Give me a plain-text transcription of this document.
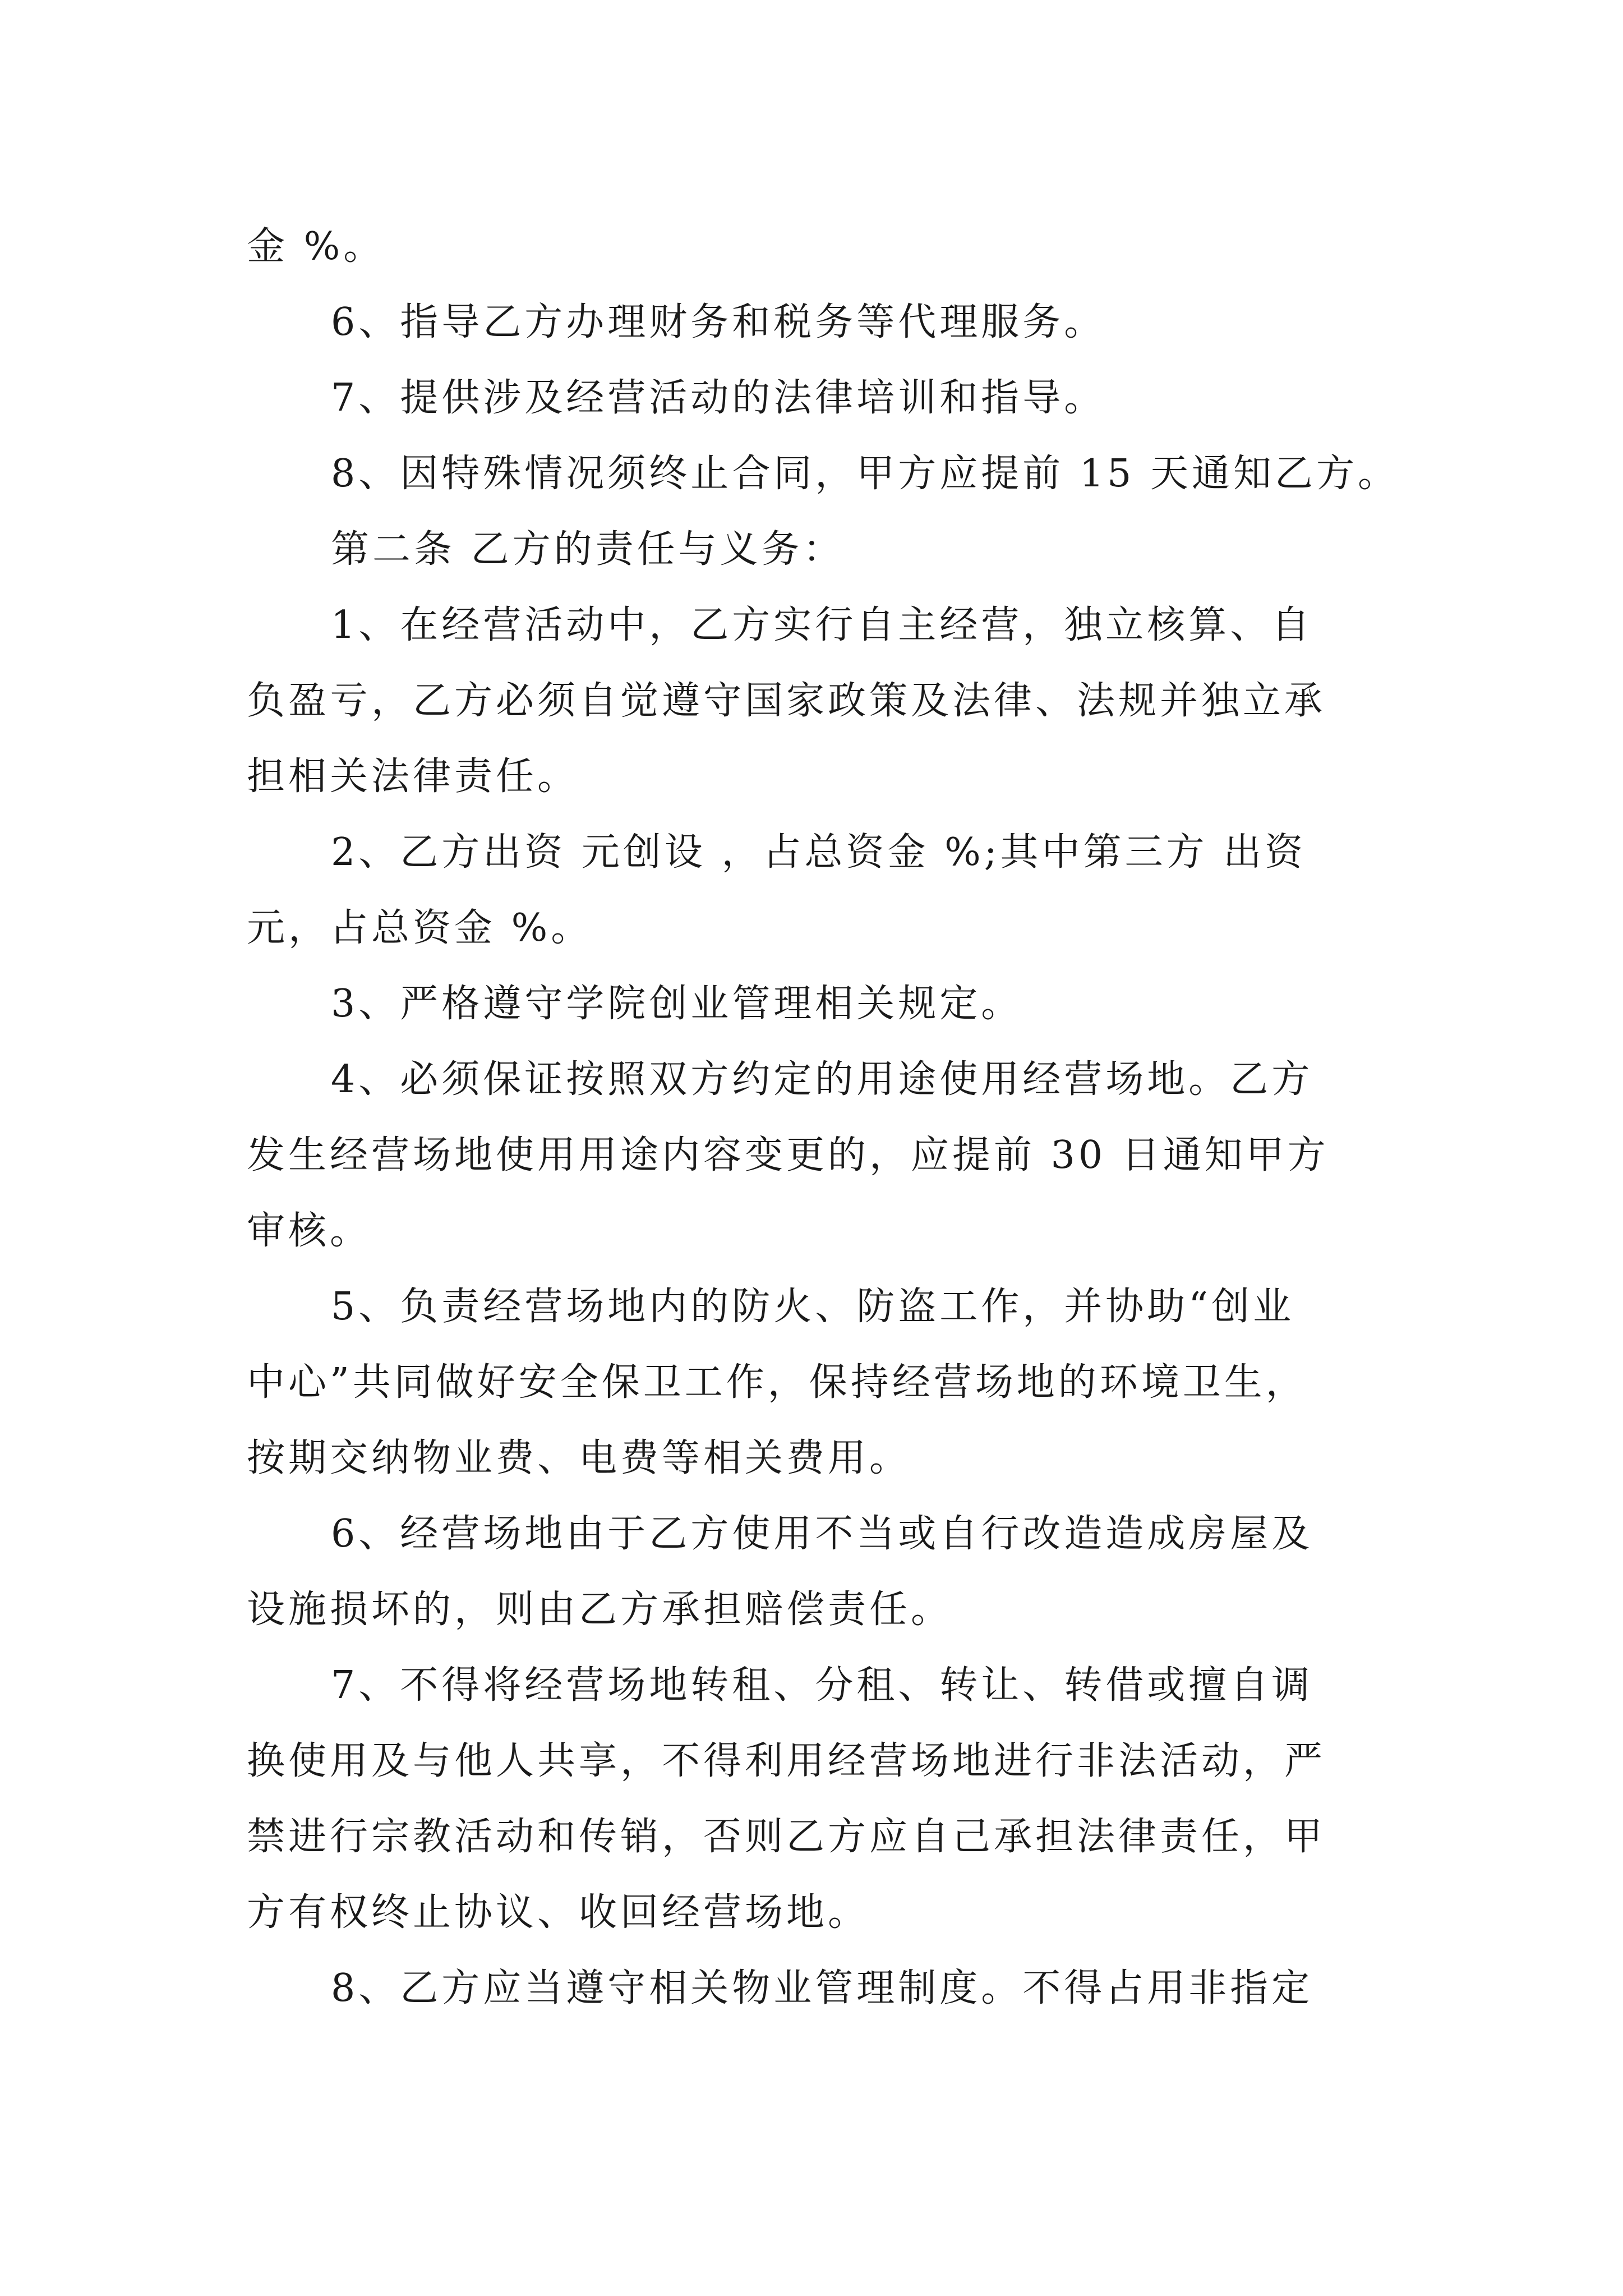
金 %。
6、指导乙方办理财务和税务等代理服务。
7、提供涉及经营活动的法律培训和指导。
8、因特殊情况须终止合同，甲方应提前 15 天通知乙方。
第二条 乙方的责任与义务：
1、在经营活动中，乙方实行自主经营，独立核算、自
负盈亏，乙方必须自觉遵守国家政策及法律、法规并独立承
担相关法律责任。
2、乙方出资 元创设 ，占总资金 %;其中第三方 出资
元，占总资金 %。
3、严格遵守学院创业管理相关规定。
4、必须保证按照双方约定的用途使用经营场地。乙方
发生经营场地使用用途内容变更的，应提前 30 日通知甲方
审核。
5、负责经营场地内的防火、防盗工作，并协助“创业
中心”共同做好安全保卫工作，保持经营场地的环境卫生，
按期交纳物业费、电费等相关费用。
6、经营场地由于乙方使用不当或自行改造造成房屋及
设施损坏的，则由乙方承担赔偿责任。
7、不得将经营场地转租、分租、转让、转借或擅自调
换使用及与他人共享，不得利用经营场地进行非法活动，严
禁进行宗教活动和传销，否则乙方应自己承担法律责任，甲
方有权终止协议、收回经营场地。
8、乙方应当遵守相关物业管理制度。不得占用非指定
